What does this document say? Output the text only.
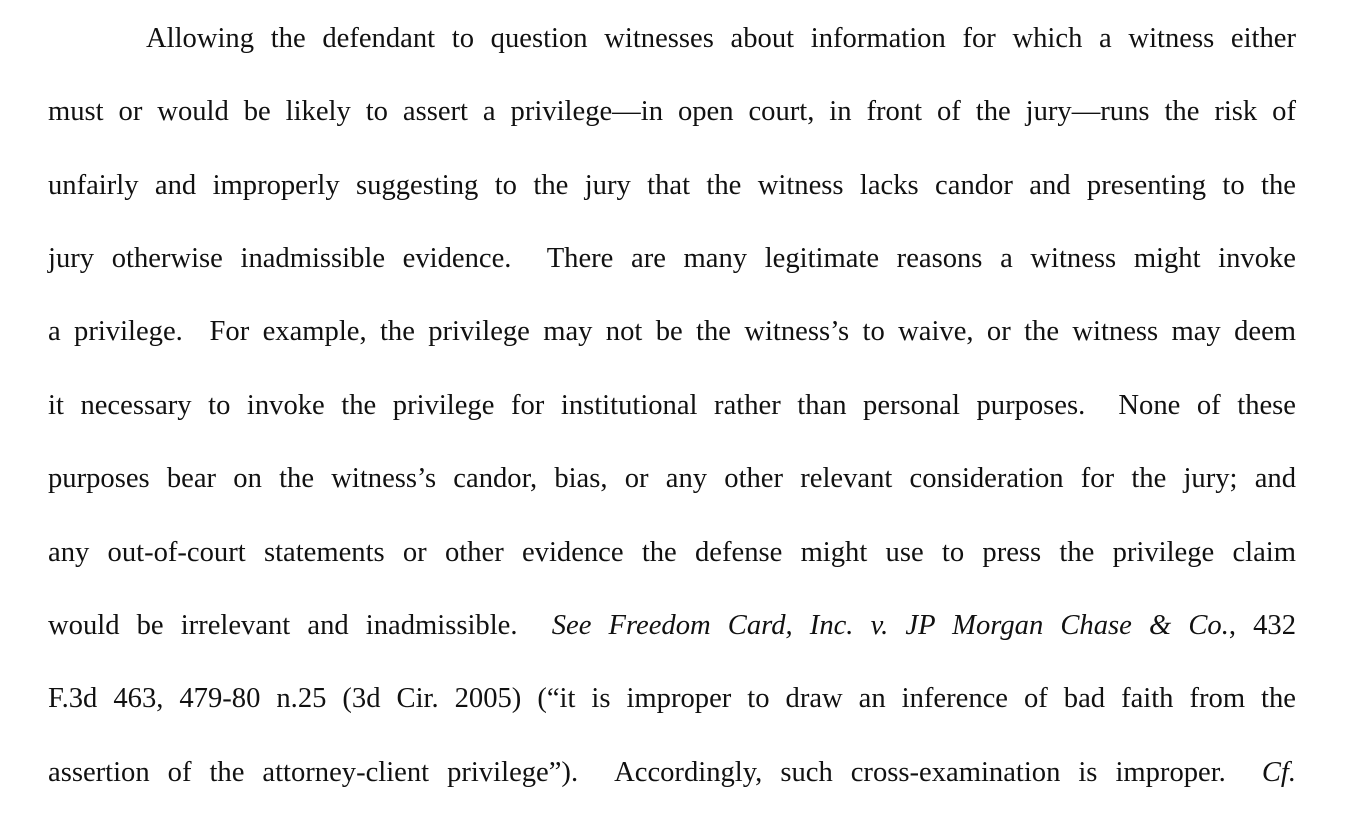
Allowing the defendant to question witnesses about information for which a witness either
must or would be likely to assert a privilege—in open court, in front of the jury—runs the risk of
unfairly and improperly suggesting to the jury that the witness lacks candor and presenting to the
jury otherwise inadmissible evidence.  There are many legitimate reasons a witness might invoke
a privilege.  For example, the privilege may not be the witness’s to waive, or the witness may deem
it necessary to invoke the privilege for institutional rather than personal purposes.  None of these
purposes bear on the witness’s candor, bias, or any other relevant consideration for the jury; and
any out-of-court statements or other evidence the defense might use to press the privilege claim
would be irrelevant and inadmissible.  See Freedom Card, Inc. v. JP Morgan Chase & Co., 432
F.3d 463, 479-80 n.25 (3d Cir. 2005) (“it is improper to draw an inference of bad faith from the
assertion of the attorney-client privilege”).  Accordingly, such cross-examination is improper.  Cf.
